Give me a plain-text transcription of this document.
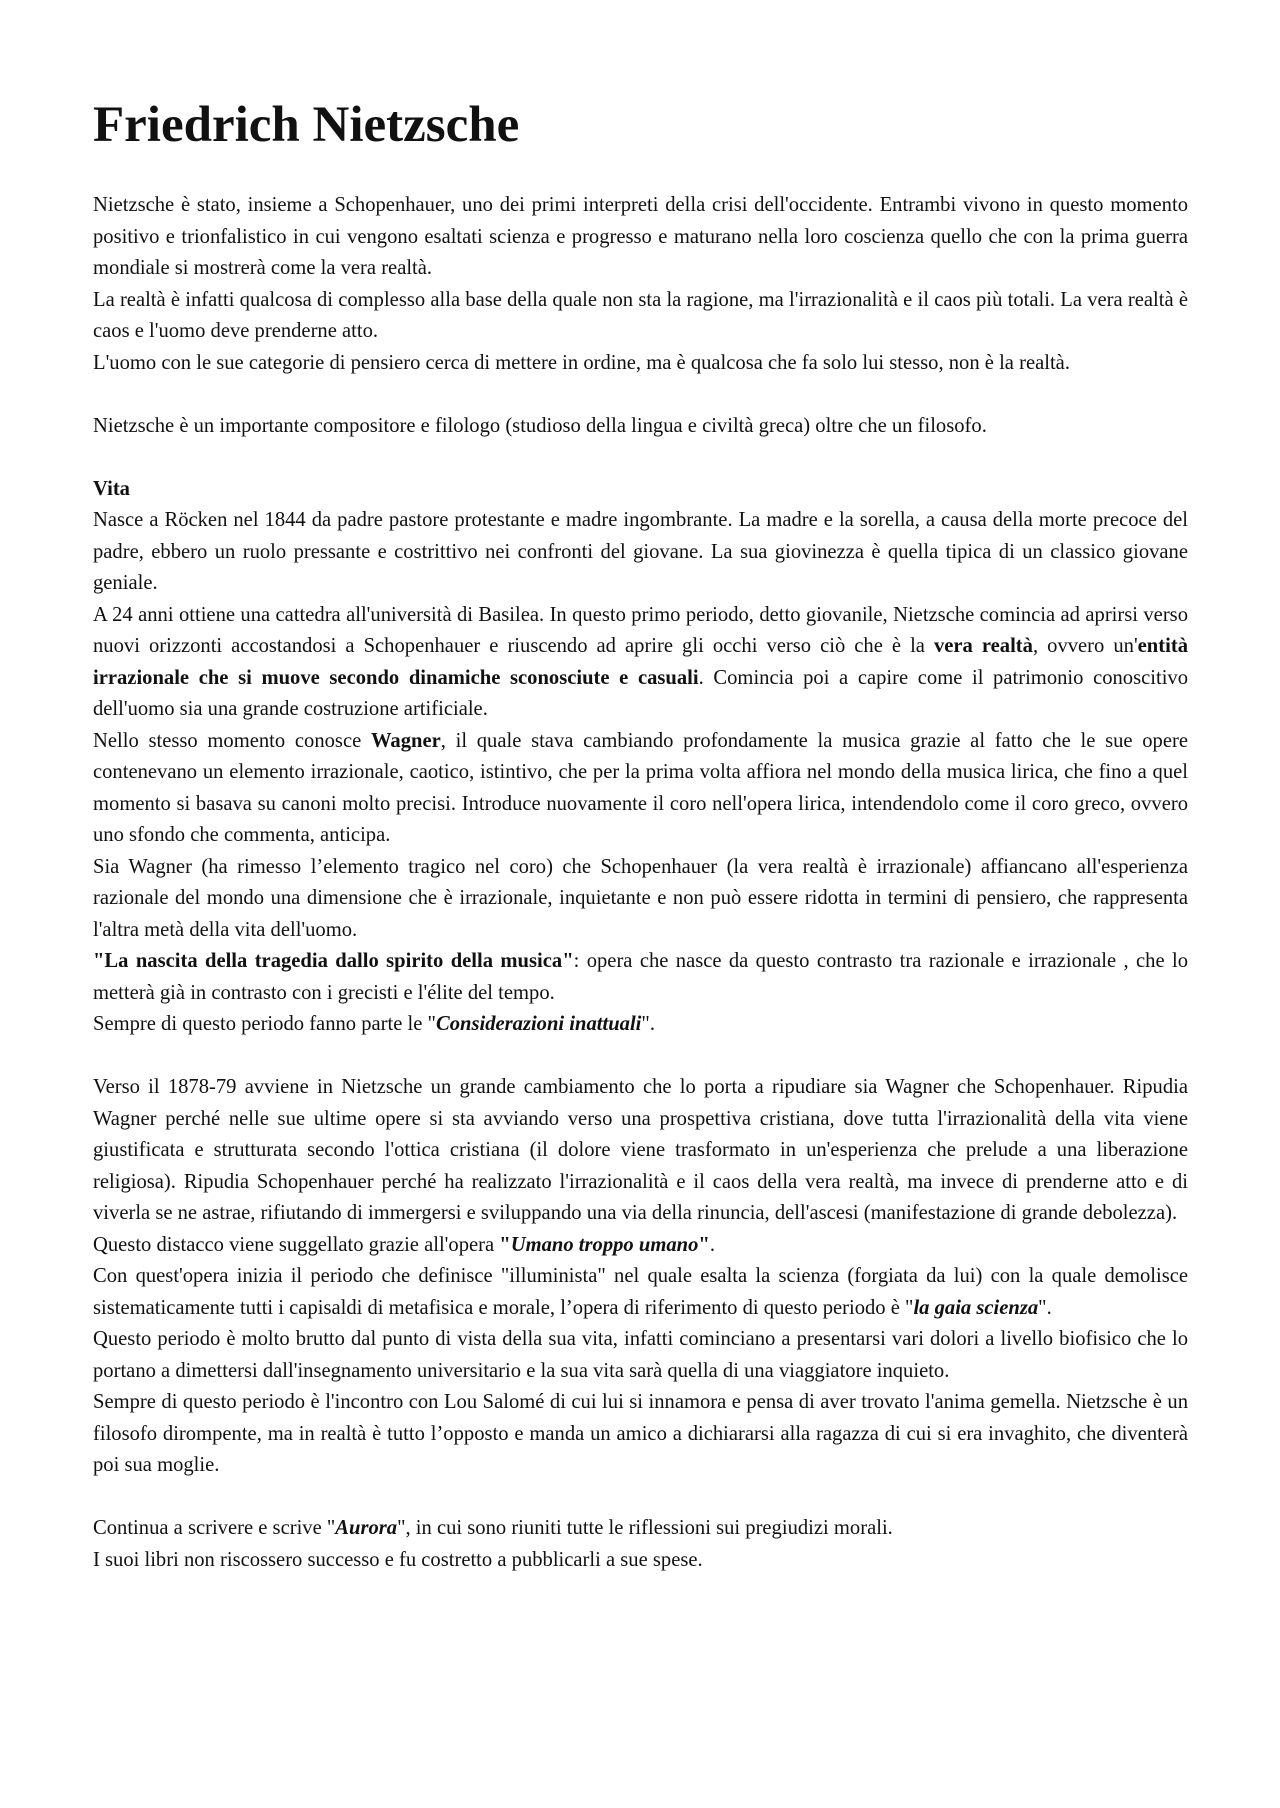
Friedrich Nietzsche

Nietzsche è stato, insieme a Schopenhauer, uno dei primi interpreti della crisi dell'occidente. Entrambi vivono in questo momento positivo e trionfalistico in cui vengono esaltati scienza e progresso e maturano nella loro coscienza quello che con la prima guerra mondiale si mostrerà come la vera realtà.

La realtà è infatti qualcosa di complesso alla base della quale non sta la ragione, ma l'irrazionalità e il caos più totali. La vera realtà è caos e l'uomo deve prenderne atto.

L'uomo con le sue categorie di pensiero cerca di mettere in ordine, ma è qualcosa che fa solo lui stesso, non è la realtà.

Nietzsche è un importante compositore e filologo (studioso della lingua e civiltà greca) oltre che un filosofo.

Vita

Nasce a Röcken nel 1844 da padre pastore protestante e madre ingombrante. La madre e la sorella, a causa della morte precoce del padre, ebbero un ruolo pressante e costrittivo nei confronti del giovane. La sua giovinezza è quella tipica di un classico giovane geniale.

A 24 anni ottiene una cattedra all'università di Basilea. In questo primo periodo, detto giovanile, Nietzsche comincia ad aprirsi verso nuovi orizzonti accostandosi a Schopenhauer e riuscendo ad aprire gli occhi verso ciò che è la vera realtà, ovvero un'entità irrazionale che si muove secondo dinamiche sconosciute e casuali. Comincia poi a capire come il patrimonio conoscitivo dell'uomo sia una grande costruzione artificiale.

Nello stesso momento conosce Wagner, il quale stava cambiando profondamente la musica grazie al fatto che le sue opere contenevano un elemento irrazionale, caotico, istintivo, che per la prima volta affiora nel mondo della musica lirica, che fino a quel momento si basava su canoni molto precisi. Introduce nuovamente il coro nell'opera lirica, intendendolo come il coro greco, ovvero uno sfondo che commenta, anticipa.

Sia Wagner (ha rimesso l’elemento tragico nel coro) che Schopenhauer (la vera realtà è irrazionale) affiancano all'esperienza razionale del mondo una dimensione che è irrazionale, inquietante e non può essere ridotta in termini di pensiero, che rappresenta l'altra metà della vita dell'uomo.

"La nascita della tragedia dallo spirito della musica": opera che nasce da questo contrasto tra razionale e irrazionale , che lo metterà già in contrasto con i grecisti e l'élite del tempo.

Sempre di questo periodo fanno parte le "Considerazioni inattuali".

Verso il 1878-79 avviene in Nietzsche un grande cambiamento che lo porta a ripudiare sia Wagner che Schopenhauer. Ripudia Wagner perché nelle sue ultime opere si sta avviando verso una prospettiva cristiana, dove tutta l'irrazionalità della vita viene giustificata e strutturata secondo l'ottica cristiana (il dolore viene trasformato in un'esperienza che prelude a una liberazione religiosa). Ripudia Schopenhauer perché ha realizzato l'irrazionalità e il caos della vera realtà, ma invece di prenderne atto e di viverla se ne astrae, rifiutando di immergersi e sviluppando una via della rinuncia, dell'ascesi (manifestazione di grande debolezza).

Questo distacco viene suggellato grazie all'opera "Umano troppo umano".

Con quest'opera inizia il periodo che definisce "illuminista" nel quale esalta la scienza (forgiata da lui) con la quale demolisce sistematicamente tutti i capisaldi di metafisica e morale, l’opera di riferimento di questo periodo è "la gaia scienza".

Questo periodo è molto brutto dal punto di vista della sua vita, infatti cominciano a presentarsi vari dolori a livello biofisico che lo portano a dimettersi dall'insegnamento universitario e la sua vita sarà quella di una viaggiatore inquieto.

Sempre di questo periodo è l'incontro con Lou Salomé di cui lui si innamora e pensa di aver trovato l'anima gemella. Nietzsche è un filosofo dirompente, ma in realtà è tutto l’opposto e manda un amico a dichiararsi alla ragazza di cui si era invaghito, che diventerà poi sua moglie.

Continua a scrivere e scrive "Aurora", in cui sono riuniti tutte le riflessioni sui pregiudizi morali.

I suoi libri non riscossero successo e fu costretto a pubblicarli a sue spese.
